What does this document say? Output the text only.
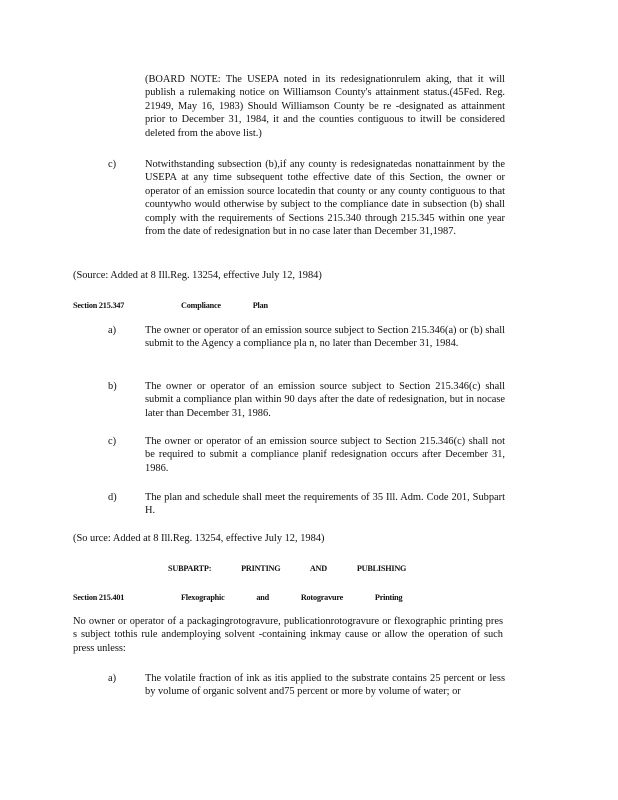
(BOARD NOTE: The USEPA noted in its redesignationrulem aking, that it will publish a rulemaking notice on Williamson County's attainment status.(45Fed. Reg. 21949, May 16, 1983) Should Williamson County be re -designated as attainment prior to December 31, 1984, it and the counties contiguous to itwill be considered deleted from the above list.)
c)	Notwithstanding subsection (b),if any county is redesignatedas nonattainment by the USEPA at any time subsequent tothe effective date of this Section, the owner or operator of an emission source locatedin that county or any county contiguous to that countywho would otherwise by subject to the compliance date in subsection (b) shall comply with the requirements of Sections 215.340 through 215.345 within one year from the date of redesignation but in no case later than December 31,1987.
(Source: Added at 8 Ill.Reg. 13254, effective July 12, 1984)
Section 215.347	Compliance Plan
a)	The owner or operator of an emission source subject to Section 215.346(a) or (b) shall submit to the Agency a compliance pla n, no later than December 31, 1984.
b)	The owner or operator of an emission source subject to Section 215.346(c) shall submit a compliance plan within 90 days after the date of redesignation, but in nocase later than December 31, 1986.
c)	The owner or operator of an emission source subject to Section 215.346(c) shall not be required to submit a compliance planif redesignation occurs after December 31, 1986.
d)	The plan and schedule shall meet the requirements of 35 Ill. Adm. Code 201, Subpart H.
(So urce: Added at 8 Ill.Reg. 13254, effective July 12, 1984)
SUBPARTP: PRINTING AND PUBLISHING
Section 215.401	Flexographic and Rotogravure Printing
No owner or operator of a packagingrotogravure, publicationrotogravure or flexographic printing pres s subject tothis rule andemploying solvent -containing inkmay cause or allow the operation of such press unless:
a)	The volatile fraction of ink as itis applied to the substrate contains 25 percent or less by volume of organic solvent and75 percent or more by volume of water; or
